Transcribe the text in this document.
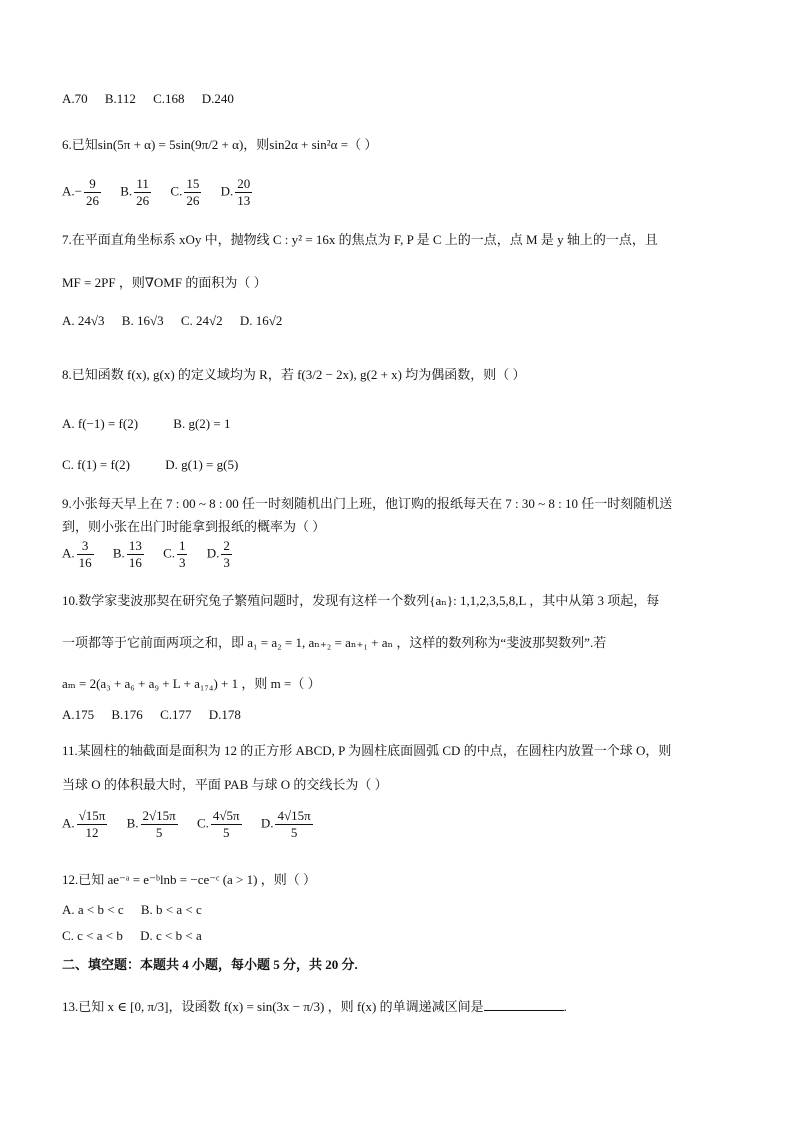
A.70 B.112 C.168 D.240
6.已知sin(5π + α) = 5sin(9π/2 + α)，则sin2α + sin²α =（ ）
$A.- \frac{9}{26} B$. $\frac{11}{26} C$. $\frac{15}{26} D$. $\frac{20}{13}$
7.在平面直角坐标系 xOy 中，抛物线 C : y² = 16x 的焦点为 F, P 是 C 上的一点，点 M 是 y 轴上的一点，且
MF = 2PF ，则∇OMF 的面积为（ ）
A. 24√3 B. 16√3 C. 24√2 D. 16√2
8.已知函数 f(x), g(x) 的定义域均为 R，若 f(3/2 − 2x), g(2 + x) 均为偶函数，则（ ）
A. f(−1) = f(2)	B. g(2) = 1
C. f(1) = f(2)	D. g(1) = g(5)
9.小张每天早上在 7 : 00 ~ 8 : 00 任一时刻随机出门上班，他订购的报纸每天在 7 : 30 ~ 8 : 10 任一时刻随机送
到，则小张在出门时能拿到报纸的概率为（ ）
A. $\frac{3}{16} B$. $\frac{13}{16} C$. $\frac{1}{3} D$. $\frac{2}{3}$
10.数学家斐波那契在研究兔子繁殖问题时，发现有这样一个数列{aₙ}: 1,1,2,3,5,8,L ，其中从第 3 项起，每
一项都等于它前面两项之和，即 a₁ = a₂ = 1, aₙ₊₂ = aₙ₊₁ + aₙ ，这样的数列称为“斐波那契数列”.若
aₘ = 2(a₃ + a₆ + a₉ + L + a₁₇₄) + 1 ，则 m =（ ）
A.175 B.176 C.177 D.178
11.某圆柱的轴截面是面积为 12 的正方形 ABCD, P 为圆柱底面圆弧 CD 的中点，在圆柱内放置一个球 O，则
当球 O 的体积最大时，平面 PAB 与球 O 的交线长为（ ）
A. $\frac{√15\pi}{12} B$. $\frac{2√15\pi}{5} C$. $\frac{4√5\pi}{5} D$. $\frac{4√15\pi}{5}$
12.已知 ae⁻ᵃ = e⁻ᵇlnb = −ce⁻ᶜ (a > 1) ，则（ ）
A. a < b < c B. b < a < c
C. c < a < b D. c < b < a
二、填空题：本题共 4 小题，每小题 5 分，共 20 分.
13.已知 x ∈ [0, π/3]，设函数 f(x) = sin(3x − π/3) ，则 f(x) 的单调递减区间是	.
